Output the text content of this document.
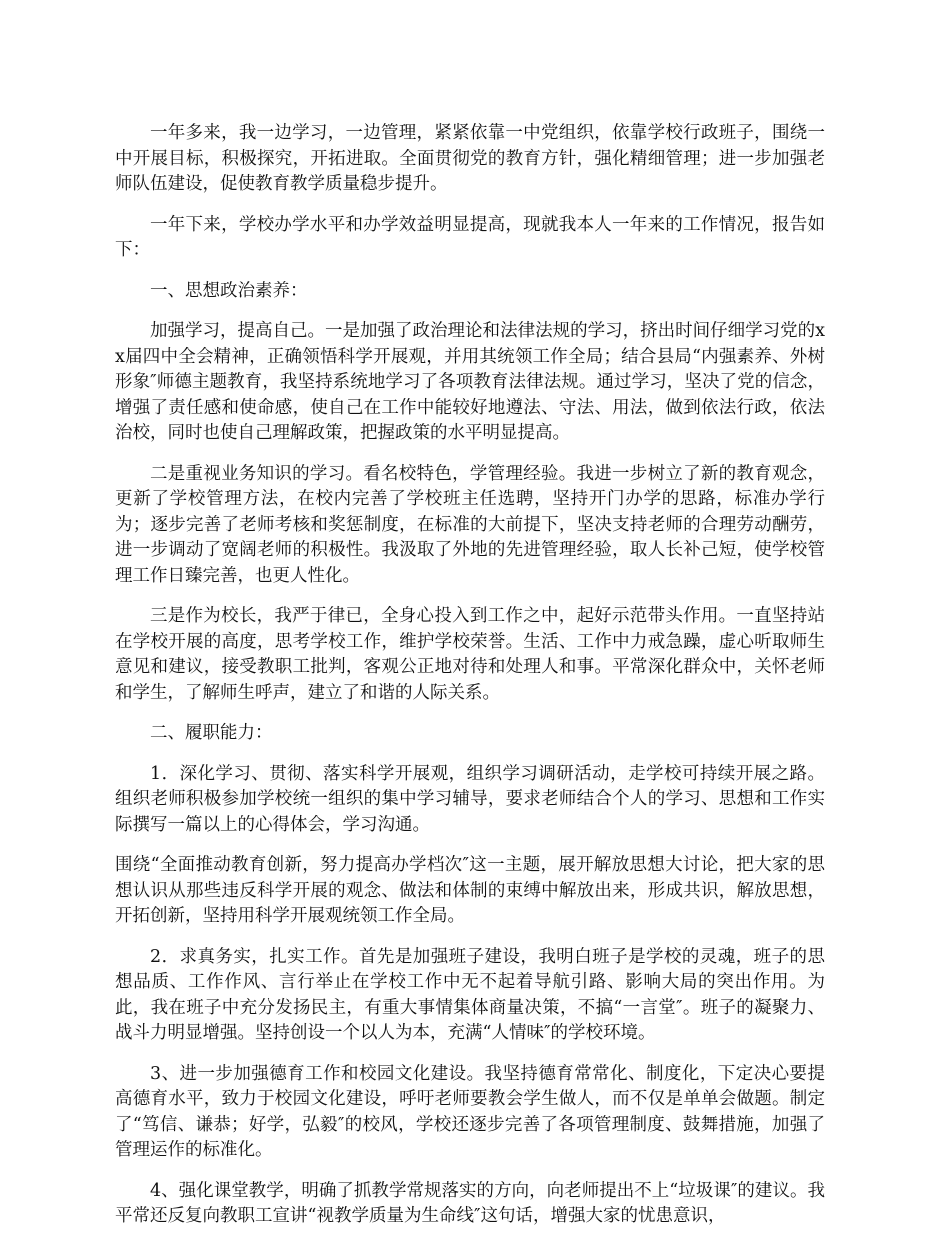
一年多来，我一边学习，一边管理，紧紧依靠一中党组织，依靠学校行政班子，围绕一中开展目标，积极探究，开拓进取。全面贯彻党的教育方针，强化精细管理；进一步加强老师队伍建设，促使教育教学质量稳步提升。

一年下来，学校办学水平和办学效益明显提高，现就我本人一年来的工作情况，报告如下：

一、思想政治素养：

加强学习，提高自己。一是加强了政治理论和法律法规的学习，挤出时间仔细学习党的xx届四中全会精神，正确领悟科学开展观，并用其统领工作全局；结合县局“内强素养、外树形象″师德主题教育，我坚持系统地学习了各项教育法律法规。通过学习，坚决了党的信念，增强了责任感和使命感，使自己在工作中能较好地遵法、守法、用法，做到依法行政，依法治校，同时也使自己理解政策，把握政策的水平明显提高。

二是重视业务知识的学习。看名校特色，学管理经验。我进一步树立了新的教育观念，更新了学校管理方法，在校内完善了学校班主任选聘，坚持开门办学的思路，标准办学行为；逐步完善了老师考核和奖惩制度，在标准的大前提下，坚决支持老师的合理劳动酬劳，进一步调动了宽阔老师的积极性。我汲取了外地的先进管理经验，取人长补己短，使学校管理工作日臻完善，也更人性化。

三是作为校长，我严于律已，全身心投入到工作之中，起好示范带头作用。一直坚持站在学校开展的高度，思考学校工作，维护学校荣誉。生活、工作中力戒急躁，虚心听取师生意见和建议，接受教职工批判，客观公正地对待和处理人和事。平常深化群众中，关怀老师和学生，了解师生呼声，建立了和谐的人际关系。

二、履职能力：

1．深化学习、贯彻、落实科学开展观，组织学习调研活动，走学校可持续开展之路。组织老师积极参加学校统一组织的集中学习辅导，要求老师结合个人的学习、思想和工作实际撰写一篇以上的心得体会，学习沟通。

围绕“全面推动教育创新，努力提高办学档次″这一主题，展开解放思想大讨论，把大家的思想认识从那些违反科学开展的观念、做法和体制的束缚中解放出来，形成共识，解放思想，开拓创新，坚持用科学开展观统领工作全局。

2．求真务实，扎实工作。首先是加强班子建设，我明白班子是学校的灵魂，班子的思想品质、工作作风、言行举止在学校工作中无不起着导航引路、影响大局的突出作用。为此，我在班子中充分发扬民主，有重大事情集体商量决策，不搞“一言堂″。班子的凝聚力、战斗力明显增强。坚持创设一个以人为本，充满“人情味″的学校环境。

3、进一步加强德育工作和校园文化建设。我坚持德育常常化、制度化，下定决心要提高德育水平，致力于校园文化建设，呼吁老师要教会学生做人，而不仅是单单会做题。制定了“笃信、谦恭；好学，弘毅″的校风，学校还逐步完善了各项管理制度、鼓舞措施，加强了管理运作的标准化。

4、强化课堂教学，明确了抓教学常规落实的方向，向老师提出不上“垃圾课″的建议。我平常还反复向教职工宣讲“视教学质量为生命线″这句话，增强大家的忧患意识，
